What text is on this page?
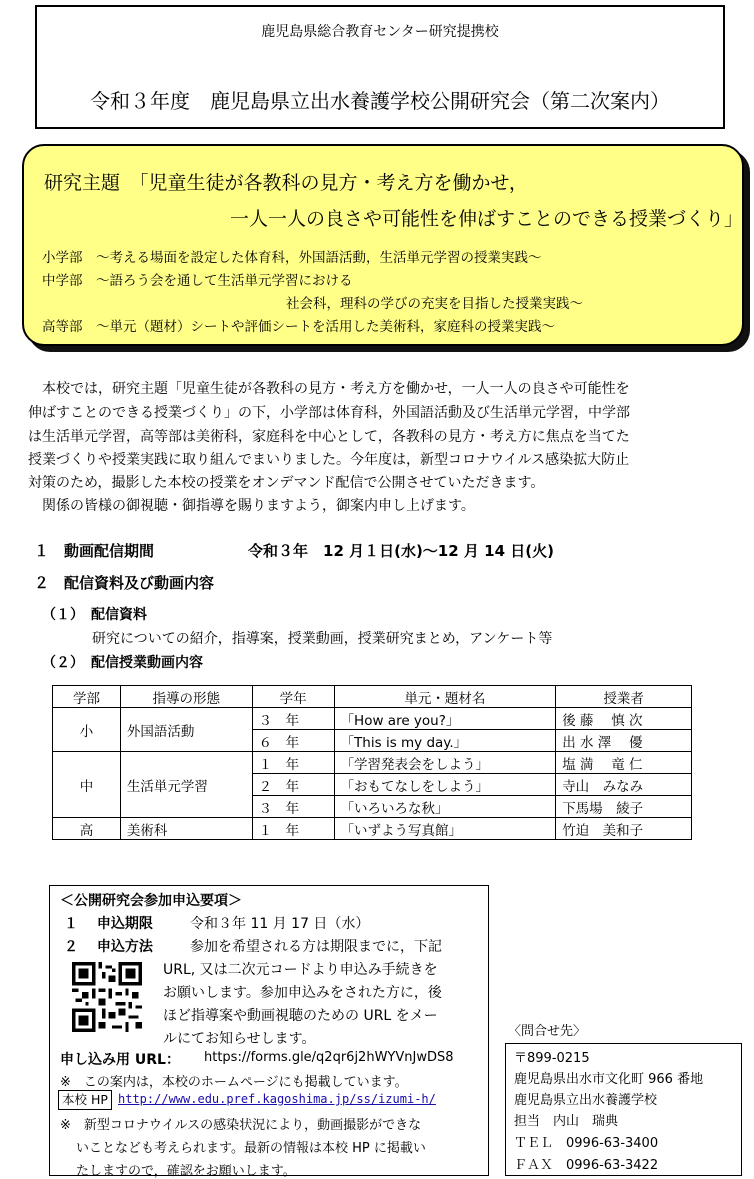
鹿児島県総合教育センター研究提携校
令和３年度　鹿児島県立出水養護学校公開研究会（第二次案内）
研究主題　「児童生徒が各教科の見方・考え方を働かせ，
一人一人の良さや可能性を伸ばすことのできる授業づくり」
小学部　～考える場面を設定した体育科，外国語活動，生活単元学習の授業実践～
中学部　～語ろう会を通して生活単元学習における
社会科，理科の学びの充実を目指した授業実践～
高等部　～単元（題材）シートや評価シートを活用した美術科，家庭科の授業実践～
本校では，研究主題「児童生徒が各教科の見方・考え方を働かせ，一人一人の良さや可能性を
伸ばすことのできる授業づくり」の下，小学部は体育科，外国語活動及び生活単元学習，中学部
は生活単元学習，高等部は美術科，家庭科を中心として，各教科の見方・考え方に焦点を当てた
授業づくりや授業実践に取り組んでまいりました。今年度は，新型コロナウイルス感染拡大防止
対策のため，撮影した本校の授業をオンデマンド配信で公開させていただきます。
関係の皆様の御視聴・御指導を賜りますよう，御案内申し上げます。
１　動画配信期間	令和３年　12 月１日(水)～12 月 14 日(火)
２　配信資料及び動画内容
（１）　配信資料
研究についての紹介，指導案，授業動画，授業研究まとめ，アンケート等
（２）　配信授業動画内容
学部	指導の形態	学年	単元・題材名	授業者
小	外国語活動	３　年	「How are you?」	後 藤　 慎 次
		６　年	「This is my day.」	出 水 澤　 優
中	生活単元学習	１　年	「学習発表会をしよう」	塩 満　 竜 仁
		２　年	「おもてなしをしよう」	寺山　みなみ
		３　年	「いろいろな秋」	下馬場　綾子
高	美術科	１　年	「いずよう写真館」	竹迫　美和子
＜公開研究会参加申込要項＞
１　 申込期限	令和３年 11 月 17 日（水）
２　 申込方法	参加を希望される方は期限までに，下記
URL, 又は二次元コードより申込み手続きを
お願いします。参加申込みをされた方に，後
ほど指導案や動画視聴のための URL をメー
ルにてお知らせします。
申し込み用 URL： https://forms.gle/q2qr6j2hWYVnJwDS8
※　この案内は，本校のホームページにも掲載しています。
本校 HP http://www.edu.pref.kagoshima.jp/ss/izumi-h/
※　新型コロナウイルスの感染状況により，動画撮影ができな
いことなども考えられます。最新の情報は本校 HP に掲載い
たしますので，確認をお願いします。
〈問合せ先〉
〒899-0215
鹿児島県出水市文化町 966 番地
鹿児島県立出水養護学校
担当　内山　瑞典
ＴＥＬ　0996-63-3400
ＦＡＸ　0996-63-3422
